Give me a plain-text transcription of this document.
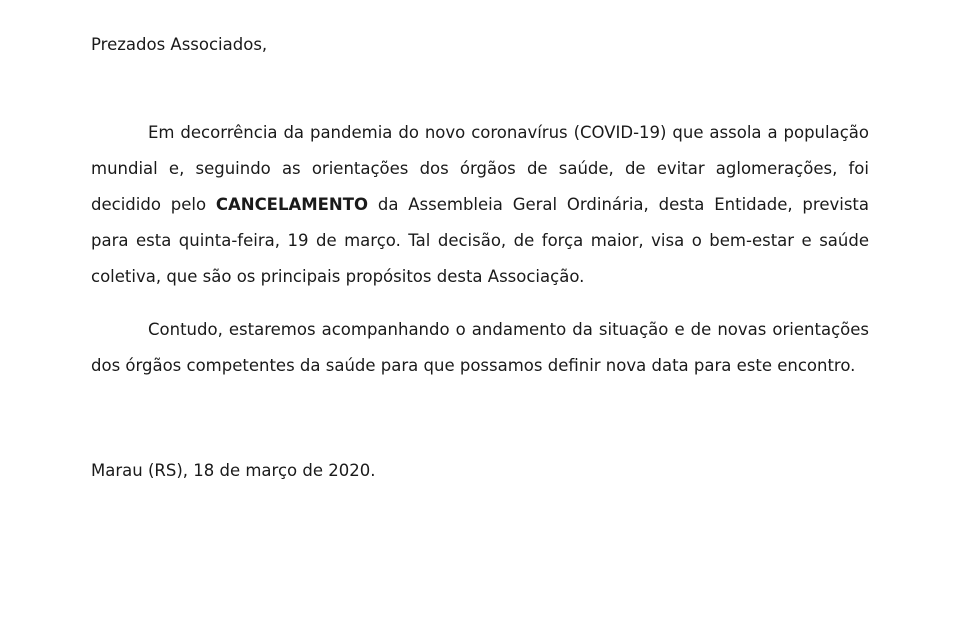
Prezados Associados,

Em decorrência da pandemia do novo coronavírus (COVID-19) que assola a população mundial e, seguindo as orientações dos órgãos de saúde, de evitar aglomerações, foi decidido pelo CANCELAMENTO da Assembleia Geral Ordinária, desta Entidade, prevista para esta quinta-feira, 19 de março. Tal decisão, de força maior, visa o bem-estar e saúde coletiva, que são os principais propósitos desta Associação.

Contudo, estaremos acompanhando o andamento da situação e de novas orientações dos órgãos competentes da saúde para que possamos definir nova data para este encontro.

Marau (RS), 18 de março de 2020.
